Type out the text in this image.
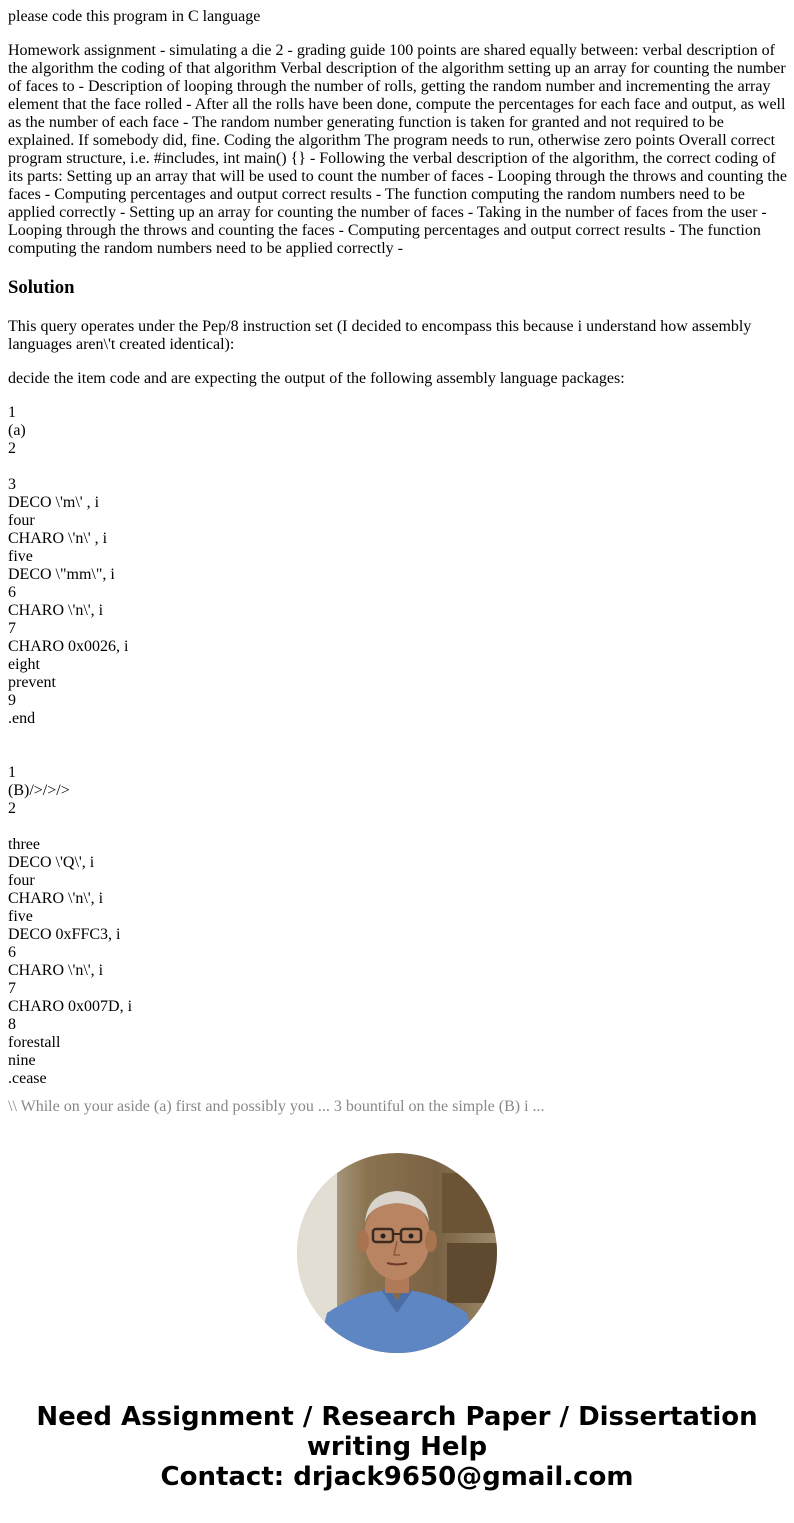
please code this program in C language

Homework assignment - simulating a die 2 - grading guide 100 points are shared equally between: verbal description of the algorithm the coding of that algorithm Verbal description of the algorithm setting up an array for counting the number of faces to - Description of looping through the number of rolls, getting the random number and incrementing the array element that the face rolled - After all the rolls have been done, compute the percentages for each face and output, as well as the number of each face - The random number generating function is taken for granted and not required to be explained. If somebody did, fine. Coding the algorithm The program needs to run, otherwise zero points Overall correct program structure, i.e. #includes, int main() {} - Following the verbal description of the algorithm, the correct coding of its parts: Setting up an array that will be used to count the number of faces - Looping through the throws and counting the faces - Computing percentages and output correct results - The function computing the random numbers need to be applied correctly - Setting up an array for counting the number of faces - Taking in the number of faces from the user - Looping through the throws and counting the faces - Computing percentages and output correct results - The function computing the random numbers need to be applied correctly -

Solution

This query operates under the Pep/8 instruction set (I decided to encompass this because i understand how assembly languages aren\'t created identical):

decide the item code and are expecting the output of the following assembly language packages:

1
(a)
2
3
DECO \'m\' , i
four
CHARO \'n\' , i
five
DECO \"mm\", i
6
CHARO \'n\', i
7
CHARO 0x0026, i
eight
prevent
9
.end
1
(B)/>/>/>
2
three
DECO \'Q\', i
four
CHARO \'n\', i
five
DECO 0xFFC3, i
6
CHARO \'n\', i
7
CHARO 0x007D, i
8
forestall
nine
.cease
\\ While on your aside (a) first and possibly you ... 3 bountiful on the simple (B) i ...
Need Assignment / Research Paper / Dissertation
writing Help
Contact: drjack9650@gmail.com
